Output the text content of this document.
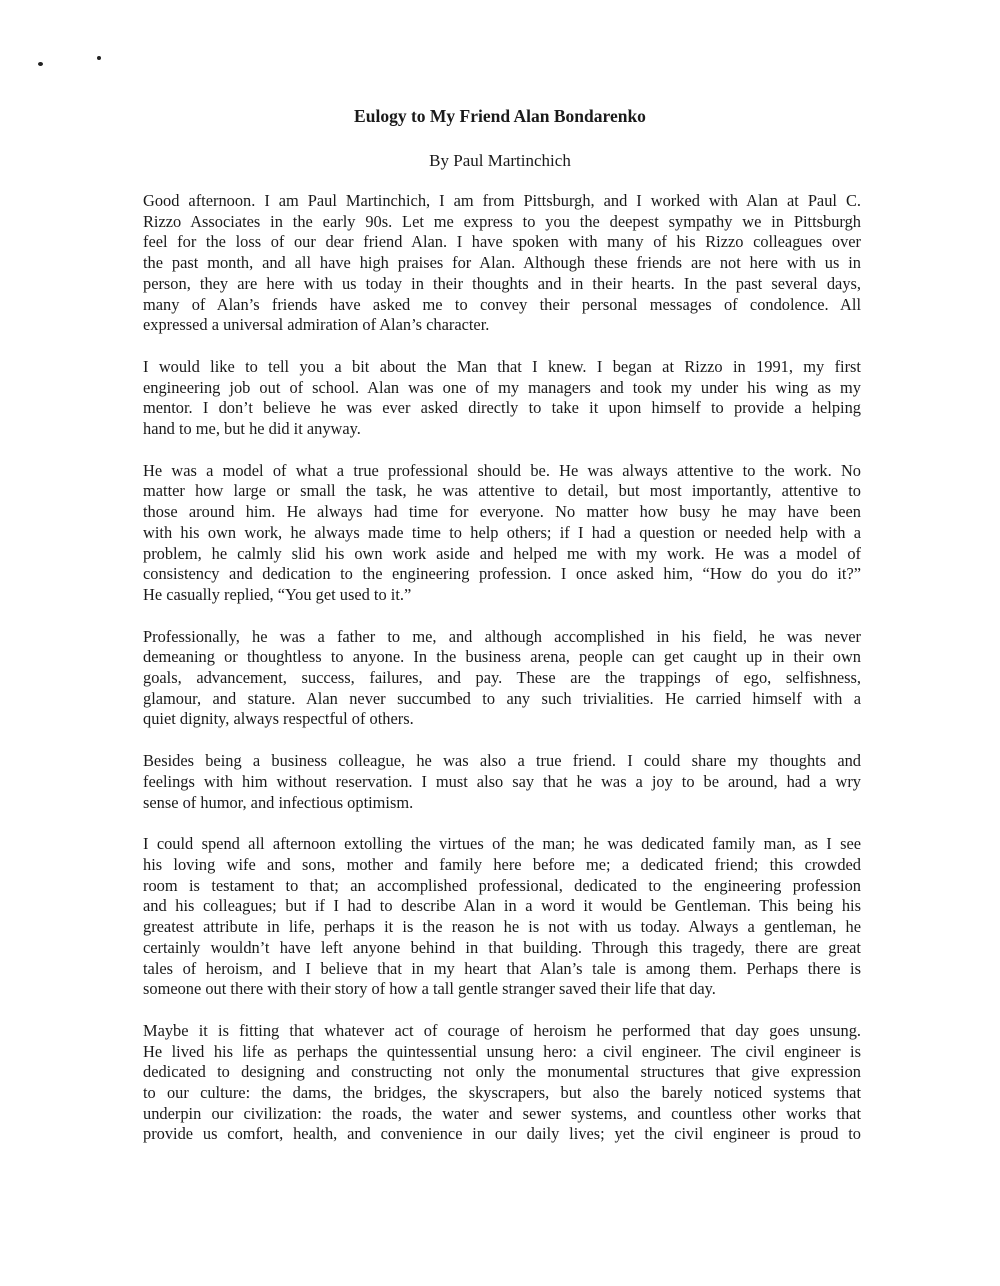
Eulogy to My Friend Alan Bondarenko
By Paul Martinchich
Good afternoon. I am Paul Martinchich, I am from Pittsburgh, and I worked with Alan at Paul C.
Rizzo Associates in the early 90s. Let me express to you the deepest sympathy we in Pittsburgh
feel for the loss of our dear friend Alan. I have spoken with many of his Rizzo colleagues over
the past month, and all have high praises for Alan. Although these friends are not here with us in
person, they are here with us today in their thoughts and in their hearts. In the past several days,
many of Alan’s friends have asked me to convey their personal messages of condolence. All
expressed a universal admiration of Alan’s character.
I would like to tell you a bit about the Man that I knew. I began at Rizzo in 1991, my first
engineering job out of school. Alan was one of my managers and took my under his wing as my
mentor. I don’t believe he was ever asked directly to take it upon himself to provide a helping
hand to me, but he did it anyway.
He was a model of what a true professional should be. He was always attentive to the work. No
matter how large or small the task, he was attentive to detail, but most importantly, attentive to
those around him. He always had time for everyone. No matter how busy he may have been
with his own work, he always made time to help others; if I had a question or needed help with a
problem, he calmly slid his own work aside and helped me with my work. He was a model of
consistency and dedication to the engineering profession. I once asked him, “How do you do it?”
He casually replied, “You get used to it.”
Professionally, he was a father to me, and although accomplished in his field, he was never
demeaning or thoughtless to anyone. In the business arena, people can get caught up in their own
goals, advancement, success, failures, and pay. These are the trappings of ego, selfishness,
glamour, and stature. Alan never succumbed to any such trivialities. He carried himself with a
quiet dignity, always respectful of others.
Besides being a business colleague, he was also a true friend. I could share my thoughts and
feelings with him without reservation. I must also say that he was a joy to be around, had a wry
sense of humor, and infectious optimism.
I could spend all afternoon extolling the virtues of the man; he was dedicated family man, as I see
his loving wife and sons, mother and family here before me; a dedicated friend; this crowded
room is testament to that; an accomplished professional, dedicated to the engineering profession
and his colleagues; but if I had to describe Alan in a word it would be Gentleman. This being his
greatest attribute in life, perhaps it is the reason he is not with us today. Always a gentleman, he
certainly wouldn’t have left anyone behind in that building. Through this tragedy, there are great
tales of heroism, and I believe that in my heart that Alan’s tale is among them. Perhaps there is
someone out there with their story of how a tall gentle stranger saved their life that day.
Maybe it is fitting that whatever act of courage of heroism he performed that day goes unsung.
He lived his life as perhaps the quintessential unsung hero: a civil engineer. The civil engineer is
dedicated to designing and constructing not only the monumental structures that give expression
to our culture: the dams, the bridges, the skyscrapers, but also the barely noticed systems that
underpin our civilization: the roads, the water and sewer systems, and countless other works that
provide us comfort, health, and convenience in our daily lives; yet the civil engineer is proud to
